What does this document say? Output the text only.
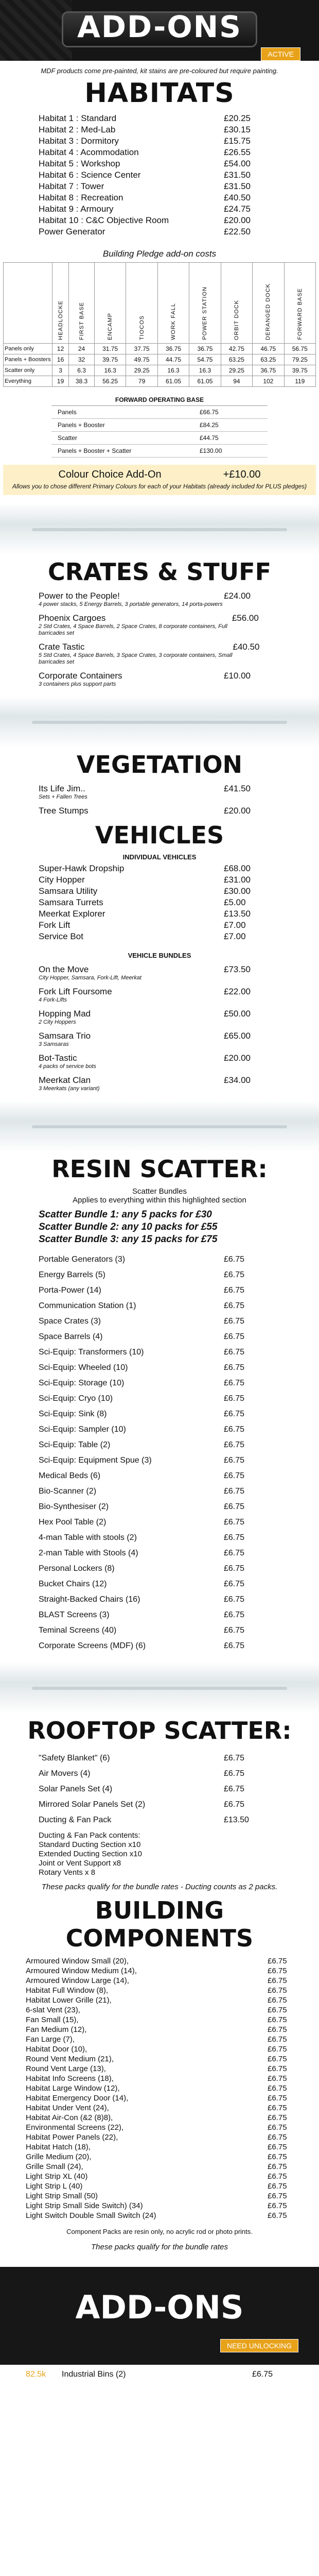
ADD-ONS
ACTIVE
MDF products come pre-painted, kit stains are pre-coloured but require painting.
HABITATS
Habitat 1 : Standard	£20.25
Habitat 2 : Med-Lab	£30.15
Habitat 3 : Dormitory	£15.75
Habitat 4 : Acommodation	£26.55
Habitat 5 : Workshop	£54.00
Habitat 6 : Science Center	£31.50
Habitat 7 : Tower	£31.50
Habitat 8 : Recreation	£40.50
Habitat 9 : Armoury	£24.75
Habitat 10 : C&C Objective Room	£20.00
Power Generator	£22.50
Building Pledge add-on costs
	HEADLOCKE	FIRST BASE	ENCAMP	TIOCOS	WORK FALL	POWER STATION	ORBIT DOCK	DERANGED DOCK	FORWARD BASE
Panels only	12	24	31.75	37.75	36.75	36.75	42.75	46.75	56.75
Panels + Boosters	16	32	39.75	49.75	44.75	54.75	63.25	63.25	79.25
Scatter only	3	6.3	16.3	29.25	16.3	16.3	29.25	36.75	39.75
Everything	19	38.3	56.25	79	61.05	61.05	94	102	119
FORWARD OPERATING BASE
Panels	£66.75
Panels + Booster	£84.25
Scatter	£44.75
Panels + Booster + Scatter	£130.00
Colour Choice Add-On	+£10.00
Allows you to chose different Primary Colours for each of your Habitats (already included for PLUS pledges)
CRATES & STUFF
Power to the People!
4 power stacks, 5 Energy Barrels, 3 portable generators, 14 porta-powers
£24.00
Phoenix Cargoes
2 Std Crates, 4 Space Barrels, 2 Space Crates, 8 corporate containers, Full barricades set
£56.00
Crate Tastic
5 Std Crates, 4 Space Barrels, 3 Space Crates, 3 corporate containers, Small barricades set
£40.50
Corporate Containers
3 containers plus support parts
£10.00
VEGETATION
Its Life Jim..
Sets + Fallen Trees
£41.50
Tree Stumps	£20.00
VEHICLES
INDIVIDUAL VEHICLES
Super-Hawk Dropship	£68.00
City Hopper	£31.00
Samsara Utility	£30.00
Samsara Turrets	£5.00
Meerkat Explorer	£13.50
Fork Lift	£7.00
Service Bot	£7.00
VEHICLE BUNDLES
On the Move
City Hopper, Samsara, Fork-Lift, Meerkat
£73.50
Fork Lift Foursome
4 Fork-Lifts
£22.00
Hopping Mad
2 City Hoppers
£50.00
Samsara Trio
3 Samsaras
£65.00
Bot-Tastic
4 packs of service bots
£20.00
Meerkat Clan
3 Meerkats (any variant)
£34.00
RESIN SCATTER:
Scatter Bundles
Applies to everything within this highlighted section
Scatter Bundle 1: any 5 packs for £30
Scatter Bundle 2: any 10 packs for £55
Scatter Bundle 3: any 15 packs for £75
Portable Generators (3)	£6.75
Energy Barrels (5)	£6.75
Porta-Power (14)	£6.75
Communication Station (1)	£6.75
Space Crates (3)	£6.75
Space Barrels (4)	£6.75
Sci-Equip: Transformers (10)	£6.75
Sci-Equip: Wheeled (10)	£6.75
Sci-Equip: Storage (10)	£6.75
Sci-Equip: Cryo (10)	£6.75
Sci-Equip: Sink (8)	£6.75
Sci-Equip: Sampler (10)	£6.75
Sci-Equip: Table (2)	£6.75
Sci-Equip: Equipment Spue (3)	£6.75
Medical Beds (6)	£6.75
Bio-Scanner (2)	£6.75
Bio-Synthesiser (2)	£6.75
Hex Pool Table (2)	£6.75
4-man Table with stools (2)	£6.75
2-man Table with Stools (4)	£6.75
Personal Lockers (8)	£6.75
Bucket Chairs (12)	£6.75
Straight-Backed Chairs (16)	£6.75
BLAST Screens (3)	£6.75
Teminal Screens (40)	£6.75
Corporate Screens (MDF) (6)	£6.75
ROOFTOP SCATTER:
"Safety Blanket" (6)	£6.75
Air Movers (4)	£6.75
Solar Panels Set (4)	£6.75
Mirrored Solar Panels Set (2)	£6.75
Ducting & Fan Pack	£13.50
Ducting & Fan Pack contents:
Standard Ducting Section x10
Extended Ducting Section x10
Joint or Vent Support x8
Rotary Vents x 8
These packs qualify for the bundle rates - Ducting counts as 2 packs.
BUILDING COMPONENTS
Armoured Window Small (20),	£6.75
Armoured Window Medium (14),	£6.75
Armoured Window Large (14),	£6.75
Habitat Full Window (8),	£6.75
Habitat Lower Grille (21),	£6.75
6-slat Vent (23),	£6.75
Fan Small (15),	£6.75
Fan Medium (12),	£6.75
Fan Large (7),	£6.75
Habitat Door (10),	£6.75
Round Vent Medium (21),	£6.75
Round Vent Large (13),	£6.75
Habitat Info Screens (18),	£6.75
Habitat Large Window (12),	£6.75
Habitat Emergency Door (14),	£6.75
Habitat Under Vent (24),	£6.75
Habitat Air-Con (&2 (8)8),	£6.75
Environmental Screens (22),	£6.75
Habitat Power Panels (22),	£6.75
Habitat Hatch (18),	£6.75
Grille Medium (20),	£6.75
Grille Small (24),	£6.75
Light Strip XL (40)	£6.75
Light Strip L (40)	£6.75
Light Strip Small (50)	£6.75
Light Strip Small Side Switch) (34)	£6.75
Light Switch Double Small Switch (24)	£6.75
Component Packs are resin only, no acrylic rod or photo prints.
These packs qualify for the bundle rates
ADD-ONS
NEED UNLOCKING
82.5k	Industrial Bins (2)	£6.75
